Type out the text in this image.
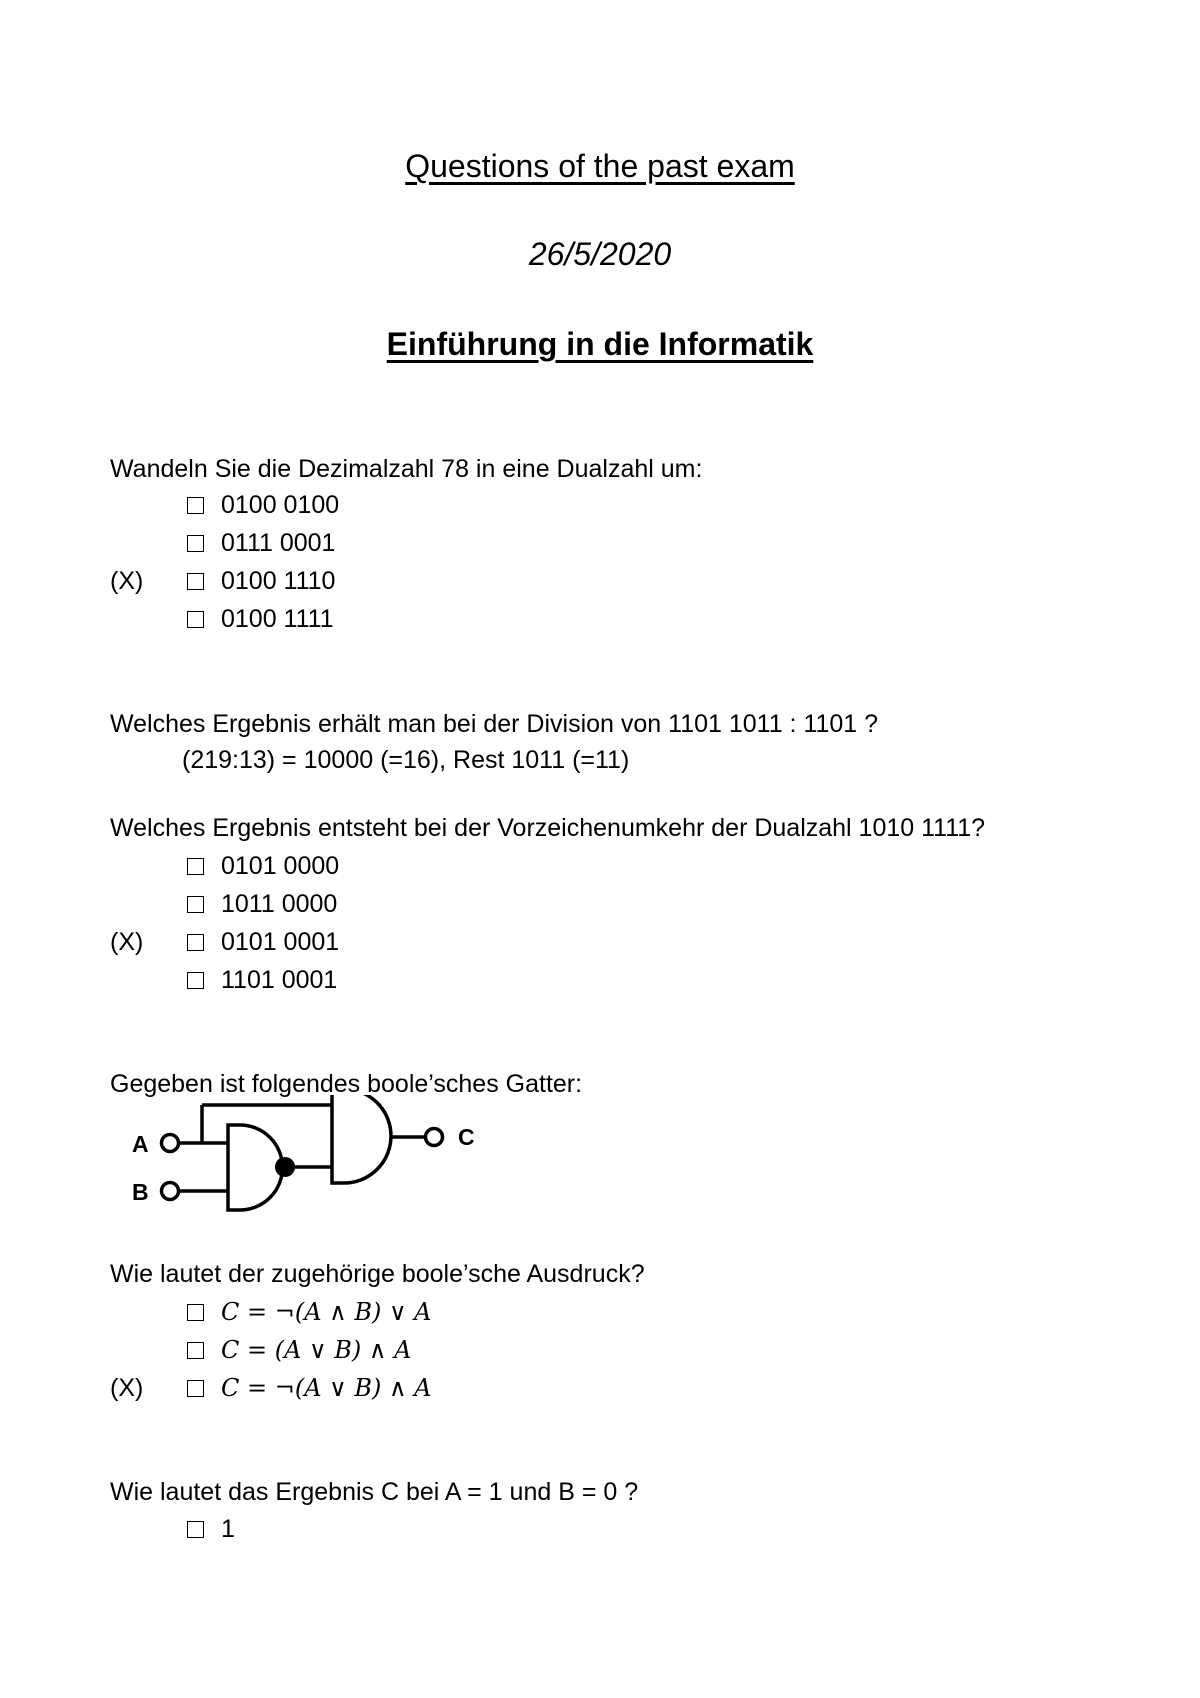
Questions of the past exam
26/5/2020
Einführung in die Informatik
Wandeln Sie die Dezimalzahl 78 in eine Dualzahl um:
0100 0100
0111 0001
(X)	0100 1110
0100 1111
Welches Ergebnis erhält man bei der Division von 1101 1011 : 1101 ?
(219:13) = 10000 (=16), Rest 1011 (=11)
Welches Ergebnis entsteht bei der Vorzeichenumkehr der Dualzahl 1010 1111?
0101 0000
1011 0000
(X)	0101 0001
1101 0001
Gegeben ist folgendes boole’sches Gatter:
A
B
C
Wie lautet der zugehörige boole’sche Ausdruck?
C = ¬(A ∧ B) ∨ A
C = (A ∨ B) ∧ A
(X)	C = ¬(A ∨ B) ∧ A
Wie lautet das Ergebnis C bei A = 1 und B = 0 ?
1
